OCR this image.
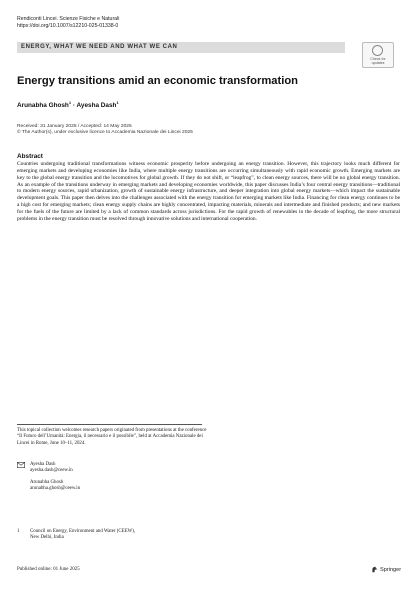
Rendiconti Lincei. Scienze Fisiche e Naturali
https://doi.org/10.1007/s12210-025-01338-0
ENERGY, WHAT WE NEED AND WHAT WE CAN
Check for
updates
Energy transitions amid an economic transformation
Arunabha Ghosh$^1$ · Ayesha Dash$^1$
Received: 31 January 2025 / Accepted: 14 May 2025
© The Author(s), under exclusive licence to Accademia Nazionale dei Lincei 2025
Abstract

Countries undergoing traditional transformations witness economic prosperity before undergoing an energy transition. However, this trajectory looks much different for emerging markets and developing economies like India, where multiple energy transitions are occurring simultaneously with rapid economic growth. Emerging markets are key to the global energy transition and the locomotives for global growth. If they do not shift, or “leapfrog”, to clean energy sources, there will be no global energy transition. As an example of the transitions underway in emerging markets and developing economies worldwide, this paper discusses India’s four central energy transitions—traditional to modern energy sources, rapid urbanization, growth of sustainable energy infrastructure, and deeper integration into global energy markets—which impact the sustainable development goals. This paper then delves into the challenges associated with the energy transition for emerging markets like India. Financing for clean energy continues to be a high cost for emerging markets; clean energy supply chains are highly concentrated, impacting materials, minerals and intermediate and finished products; and new markets for the fuels of the future are limited by a lack of common standards across jurisdictions. For the rapid growth of renewables in the decade of leapfrog, the more structural problems in the energy transition must be resolved through innovative solutions and international cooperation.

This topical collection welcomes research papers originated from presentations at the conference “Il Futuro dell’Umanità: Energia, il necessario e il possibile”, held at Accademia Nazionale dei Lincei in Rome, June 10–11, 2024.

Ayesha Dash
ayesha.dash@ceew.in
Arunabha Ghosh
arunabha.ghosh@ceew.in
1 Council on Energy, Environment and Water (CEEW),
New Delhi, India
Published online: 01 June 2025	Springer
